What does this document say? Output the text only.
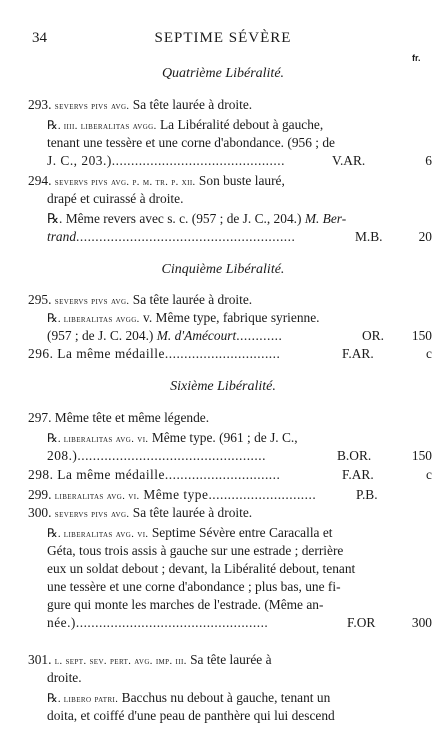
34	SEPTIME SÉVÈRE
fr.
Quatrième Libéralité.
293. severvs pivs avg. Sa tête laurée à droite.
℞. iiii. liberalitas avgg. La Libéralité debout à gauche,
tenant une tessère et une corne d'abondance. (956 ; de
J. C., 203.).............................................	V.AR.	6
294. severvs pivs avg. p. m. tr. p. xii. Son buste lauré,
drapé et cuirassé à droite.
℞. Même revers avec s. c. (957 ; de J. C., 204.) M. Ber-
trand.........................................................	M.B.	20
Cinquième Libéralité.
295. severvs pivs avg. Sa tête laurée à droite.
℞. liberalitas avgg. v. Même type, fabrique syrienne.
(957 ; de J. C. 204.) M. d'Amécourt............	OR.	150
296. La même médaille..............................	F.AR.	c
Sixième Libéralité.
297. Même tête et même légende.
℞. liberalitas avg. vi. Même type. (961 ; de J. C.,
208.).................................................	B.OR.	150
298. La même médaille..............................	F.AR.	c
299. liberalitas avg. vi. Même type............................	P.B.
300. severvs pivs avg. Sa tête laurée à droite.
℞. liberalitas avg. vi. Septime Sévère entre Caracalla et
Géta, tous trois assis à gauche sur une estrade ; derrière
eux un soldat debout ; devant, la Libéralité debout, tenant
une tessère et une corne d'abondance ; plus bas, une fi-
gure qui monte les marches de l'estrade. (Même an-
née.)..................................................	F.OR	300
301. l. sept. sev. pert. avg. imp. iii. Sa tête laurée à
droite.
℞. libero patri. Bacchus nu debout à gauche, tenant un
doita, et coiffé d'une peau de panthère qui lui descend
